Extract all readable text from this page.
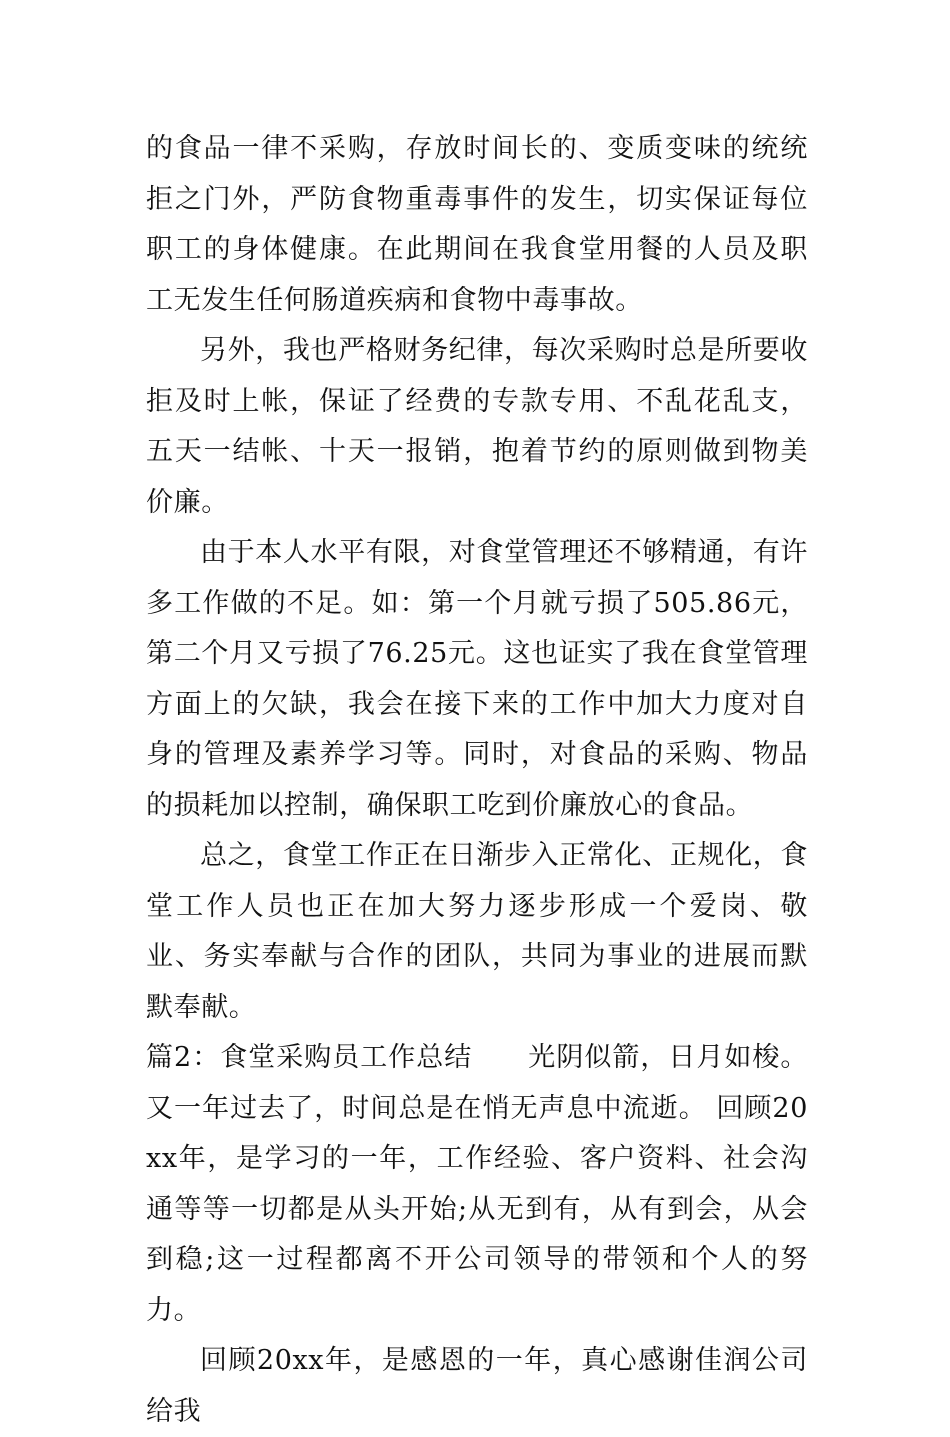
的食品一律不采购，存放时间长的、变质变味的统统拒之门外，严防食物重毒事件的发生，切实保证每位职工的身体健康。在此期间在我食堂用餐的人员及职工无发生任何肠道疾病和食物中毒事故。

另外，我也严格财务纪律，每次采购时总是所要收拒及时上帐，保证了经费的专款专用、不乱花乱支，五天一结帐、十天一报销，抱着节约的原则做到物美价廉。

由于本人水平有限，对食堂管理还不够精通，有许多工作做的不足。如：第一个月就亏损了505.86元，第二个月又亏损了76.25元。这也证实了我在食堂管理方面上的欠缺，我会在接下来的工作中加大力度对自身的管理及素养学习等。同时，对食品的采购、物品的损耗加以控制，确保职工吃到价廉放心的食品。

总之，食堂工作正在日渐步入正常化、正规化，食堂工作人员也正在加大努力逐步形成一个爱岗、敬业、务实奉献与合作的团队，共同为事业的进展而默默奉献。

篇2：食堂采购员工作总结　　光阴似箭，日月如梭。又一年过去了，时间总是在悄无声息中流逝。 回顾20xx年，是学习的一年，工作经验、客户资料、社会沟通等等一切都是从头开始;从无到有，从有到会，从会到稳;这一过程都离不开公司领导的带领和个人的努力。

回顾20xx年，是感恩的一年，真心感谢佳润公司给我
